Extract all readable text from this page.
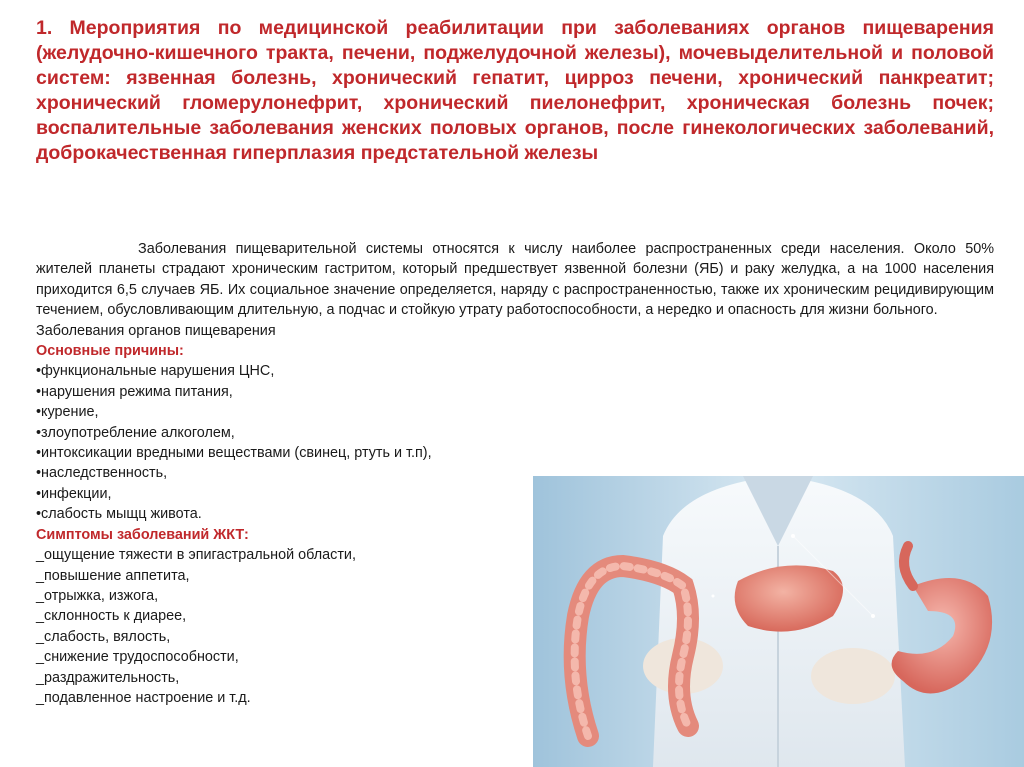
1. Мероприятия по медицинской реабилитации при заболеваниях органов пищеварения (желудочно-кишечного тракта, печени, поджелудочной железы), мочевыделительной и половой систем: язвенная болезнь, хронический гепатит, цирроз печени, хронический панкреатит; хронический гломерулонефрит, хронический пиелонефрит, хроническая болезнь почек; воспалительные заболевания женских половых органов, после гинекологических заболеваний, доброкачественная гиперплазия предстательной железы

Заболевания пищеварительной системы относятся к числу наиболее распространенных среди населения. Около 50% жителей планеты страдают хроническим гастритом, который предшествует язвенной болезни (ЯБ) и раку желудка, а на 1000 населения приходится 6,5 случаев ЯБ. Их социальное значение определяется, наряду с распространенностью, также их хроническим рецидивирующим течением, обусловливающим длительную, а подчас и стойкую утрату работоспособности, а нередко и опасность для жизни больного.

Заболевания органов пищеварения

Основные причины:

•функциональные нарушения ЦНС,
•нарушения режима питания,
•курение,
•злоупотребление алкоголем,
•интоксикации вредными веществами (свинец, ртуть и т.п),
•наследственность,
•инфекции,
•слабость мыщц живота.

Симптомы заболеваний ЖКТ:

_ощущение тяжести в эпигастральной области,
_повышение аппетита,
_отрыжка, изжога,
_склонность к диарее,
_слабость, вялость,
_снижение трудоспособности,
_раздражительность,
_подавленное настроение и т.д.
